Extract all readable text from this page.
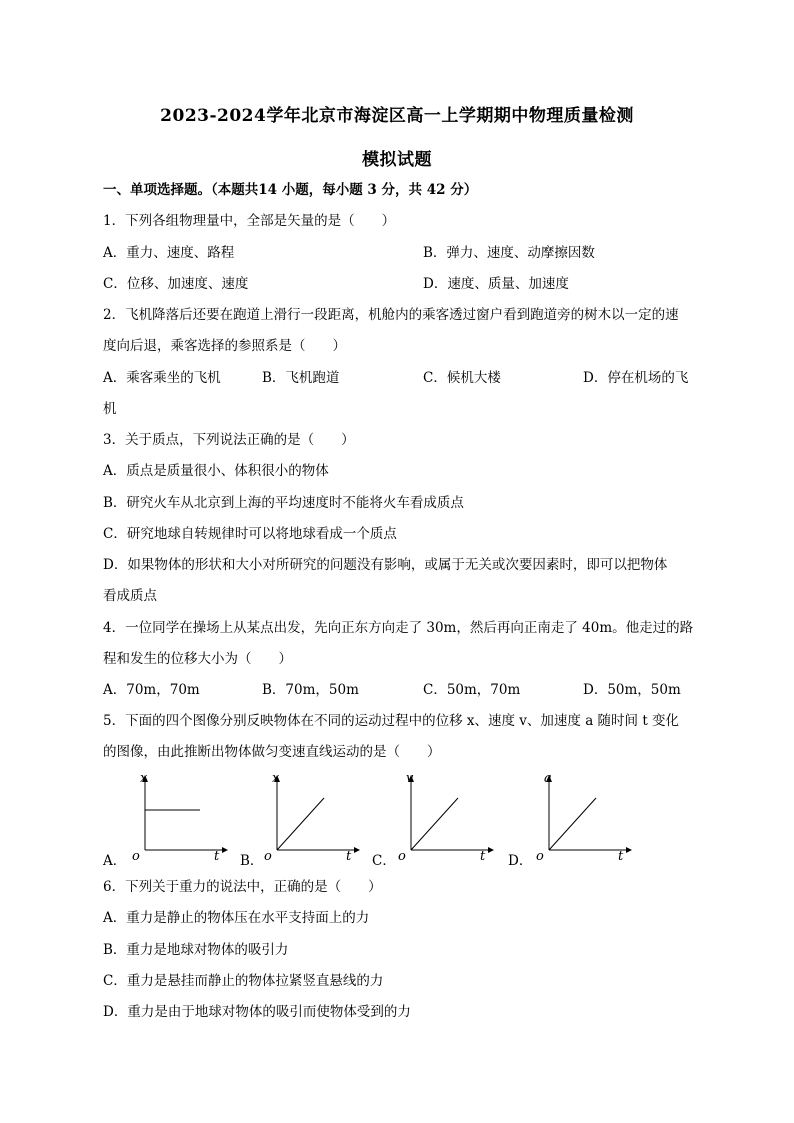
2023-2024学年北京市海淀区高一上学期期中物理质量检测
模拟试题
一、单项选择题。（本题共14 小题，每小题 3 分，共 42 分）
1．下列各组物理量中，全部是矢量的是（　　）
A．重力、速度、路程	B．弹力、速度、动摩擦因数
C．位移、加速度、速度	D．速度、质量、加速度
2．飞机降落后还要在跑道上滑行一段距离，机舱内的乘客透过窗户看到跑道旁的树木以一定的速
度向后退，乘客选择的参照系是（　　）
A．乘客乘坐的飞机	B．飞机跑道	C．候机大楼	D．停在机场的飞
机
3．关于质点，下列说法正确的是（　　）
A．质点是质量很小、体积很小的物体
B．研究火车从北京到上海的平均速度时不能将火车看成质点
C．研究地球自转规律时可以将地球看成一个质点
D．如果物体的形状和大小对所研究的问题没有影响，或属于无关或次要因素时，即可以把物体
看成质点
4．一位同学在操场上从某点出发，先向正东方向走了 30m，然后再向正南走了 40m。他走过的路
程和发生的位移大小为（　　）
A．70m，70m	B．70m，50m	C．50m，70m	D．50m，50m
5．下面的四个图像分别反映物体在不同的运动过程中的位移 x、速度 v、加速度 a 随时间 t 变化
的图像，由此推断出物体做匀变速直线运动的是（　　）
A．	B．	C．	D．
x
t
o
x
t
o
v
t
o
a
t
o
6．下列关于重力的说法中，正确的是（　　）
A．重力是静止的物体压在水平支持面上的力
B．重力是地球对物体的吸引力
C．重力是悬挂而静止的物体拉紧竖直悬线的力
D．重力是由于地球对物体的吸引而使物体受到的力
